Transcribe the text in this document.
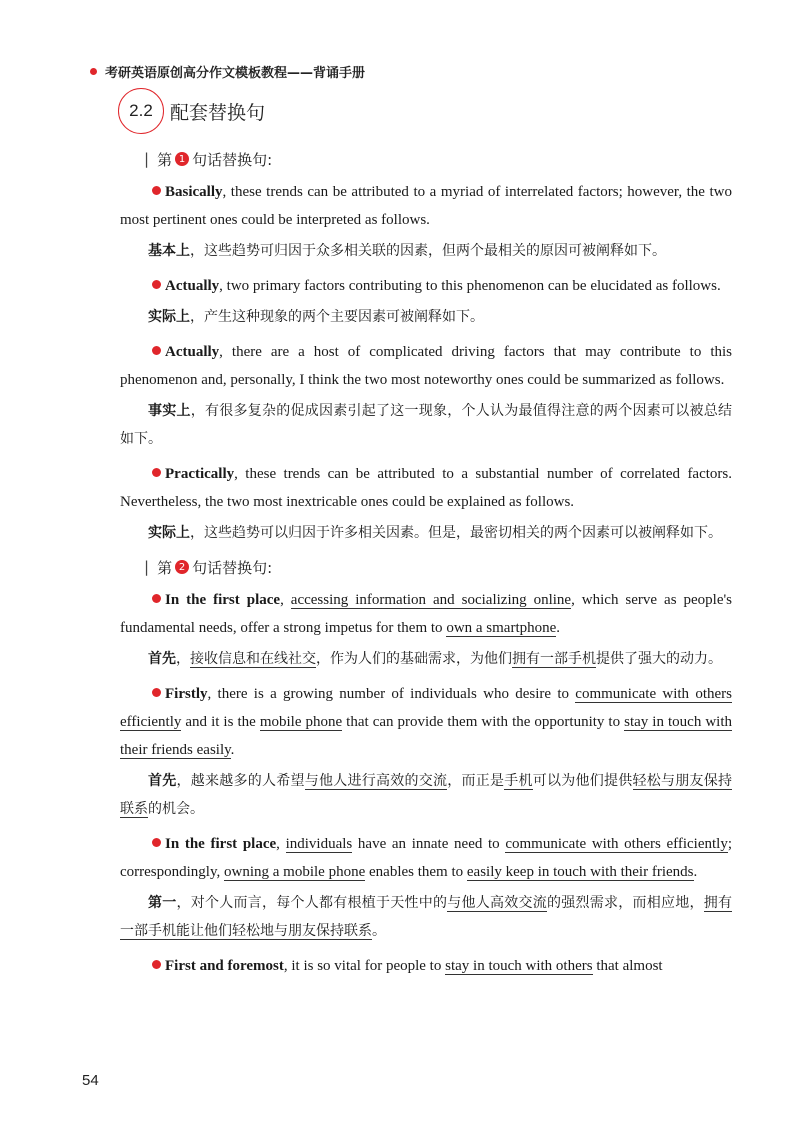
考研英语原创高分作文模板教程——背诵手册
2.2 配套替换句
| 第 1 句话替换句:

Basically, these trends can be attributed to a myriad of interrelated factors; however, the two most pertinent ones could be interpreted as follows.

基本上，这些趋势可归因于众多相关联的因素，但两个最相关的原因可被阐释如下。

Actually, two primary factors contributing to this phenomenon can be elucidated as follows.

实际上，产生这种现象的两个主要因素可被阐释如下。

Actually, there are a host of complicated driving factors that may contribute to this phenomenon and, personally, I think the two most noteworthy ones could be summarized as follows.

事实上，有很多复杂的促成因素引起了这一现象，个人认为最值得注意的两个因素可以被总结如下。

Practically, these trends can be attributed to a substantial number of correlated factors. Nevertheless, the two most inextricable ones could be explained as follows.

实际上，这些趋势可以归因于许多相关因素。但是，最密切相关的两个因素可以被阐释如下。

| 第 2 句话替换句:

In the first place, accessing information and socializing online, which serve as people's fundamental needs, offer a strong impetus for them to own a smartphone.

首先，接收信息和在线社交，作为人们的基础需求，为他们拥有一部手机提供了强大的动力。

Firstly, there is a growing number of individuals who desire to communicate with others efficiently and it is the mobile phone that can provide them with the opportunity to stay in touch with their friends easily.

首先，越来越多的人希望与他人进行高效的交流，而正是手机可以为他们提供轻松与朋友保持联系的机会。

In the first place, individuals have an innate need to communicate with others efficiently; correspondingly, owning a mobile phone enables them to easily keep in touch with their friends.

第一，对个人而言，每个人都有根植于天性中的与他人高效交流的强烈需求，而相应地，拥有一部手机能让他们轻松地与朋友保持联系。

First and foremost, it is so vital for people to stay in touch with others that almost

54
